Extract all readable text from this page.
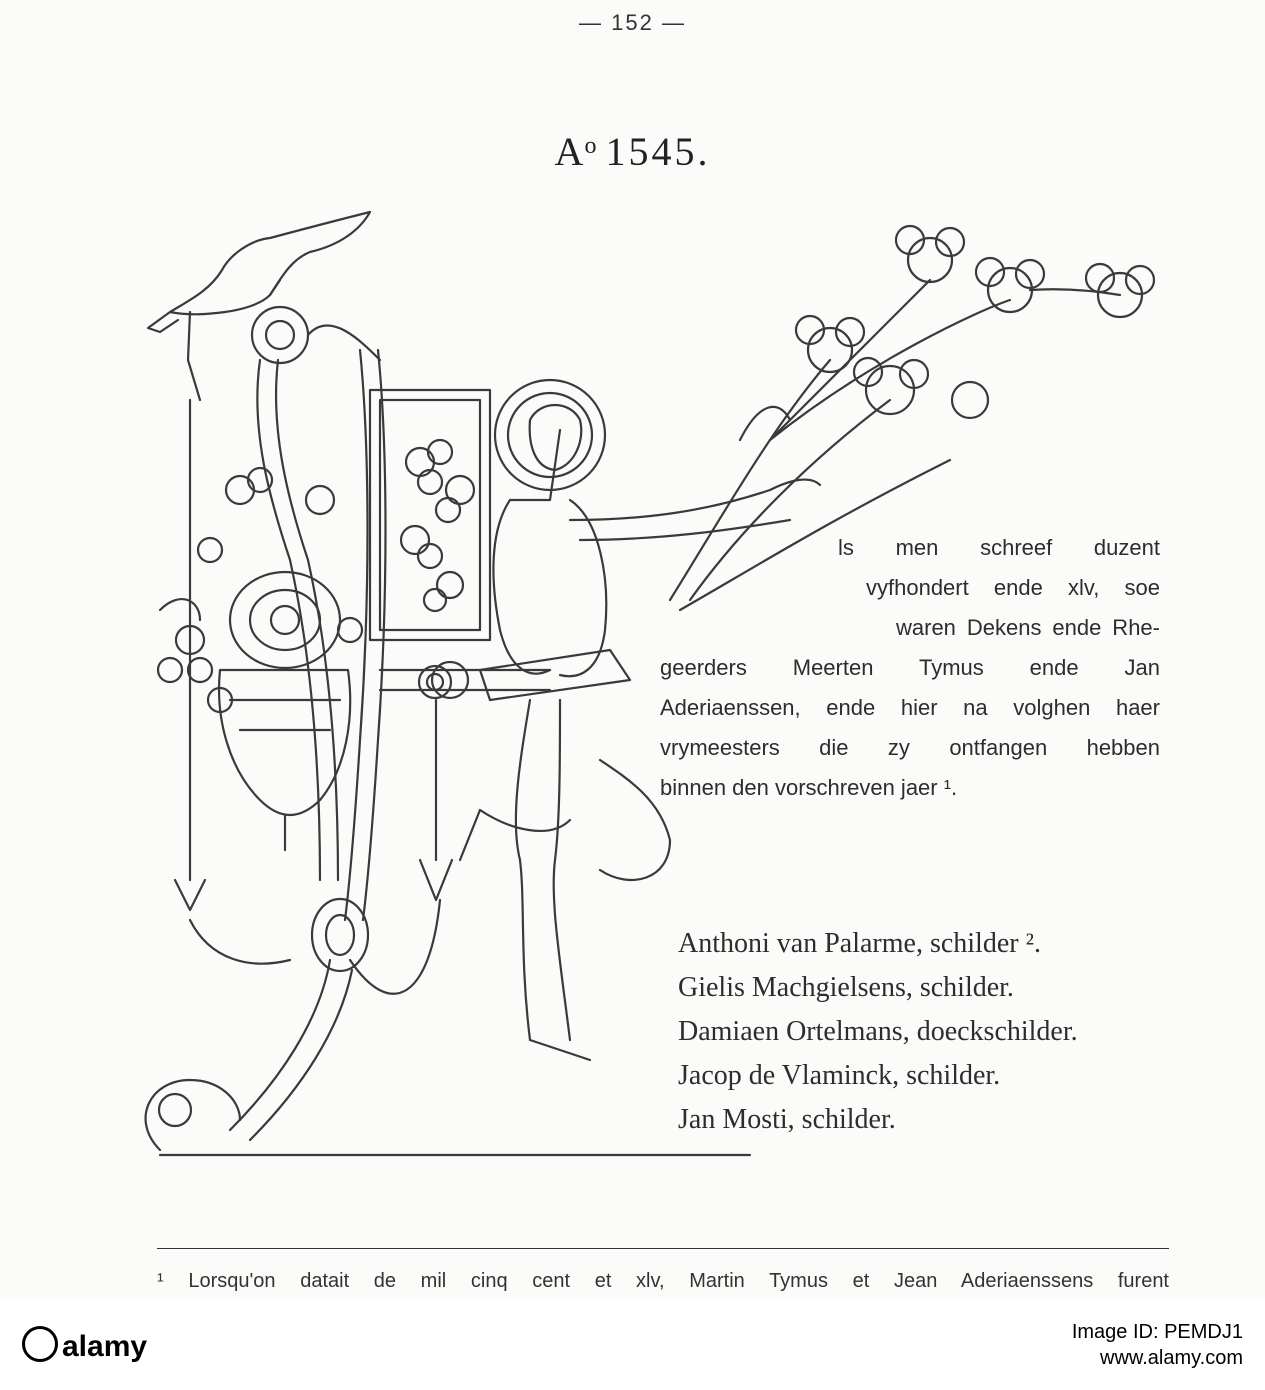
— 152 —
$A^o$ 1545.
ls men schreef duzent
vyfhondert ende xlv, soe
waren Dekens ende Rhe-
geerders Meerten Tymus ende Jan
Aderiaenssen, ende hier na volghen haer
vrymeesters die zy ontfangen hebben
binnen den vorschreven jaer ¹.
Anthoni van Palarme, schilder ².
Gielis Machgielsens, schilder.
Damiaen Ortelmans, doeckschilder.
Jacop de Vlaminck, schilder.
Jan Mosti, schilder.
¹ Lorsqu'on datait de mil cinq cent et xlv, Martin Tymus et Jean Aderiaenssens furent
alamy	Image ID: PEMDJ1
www.alamy.com
